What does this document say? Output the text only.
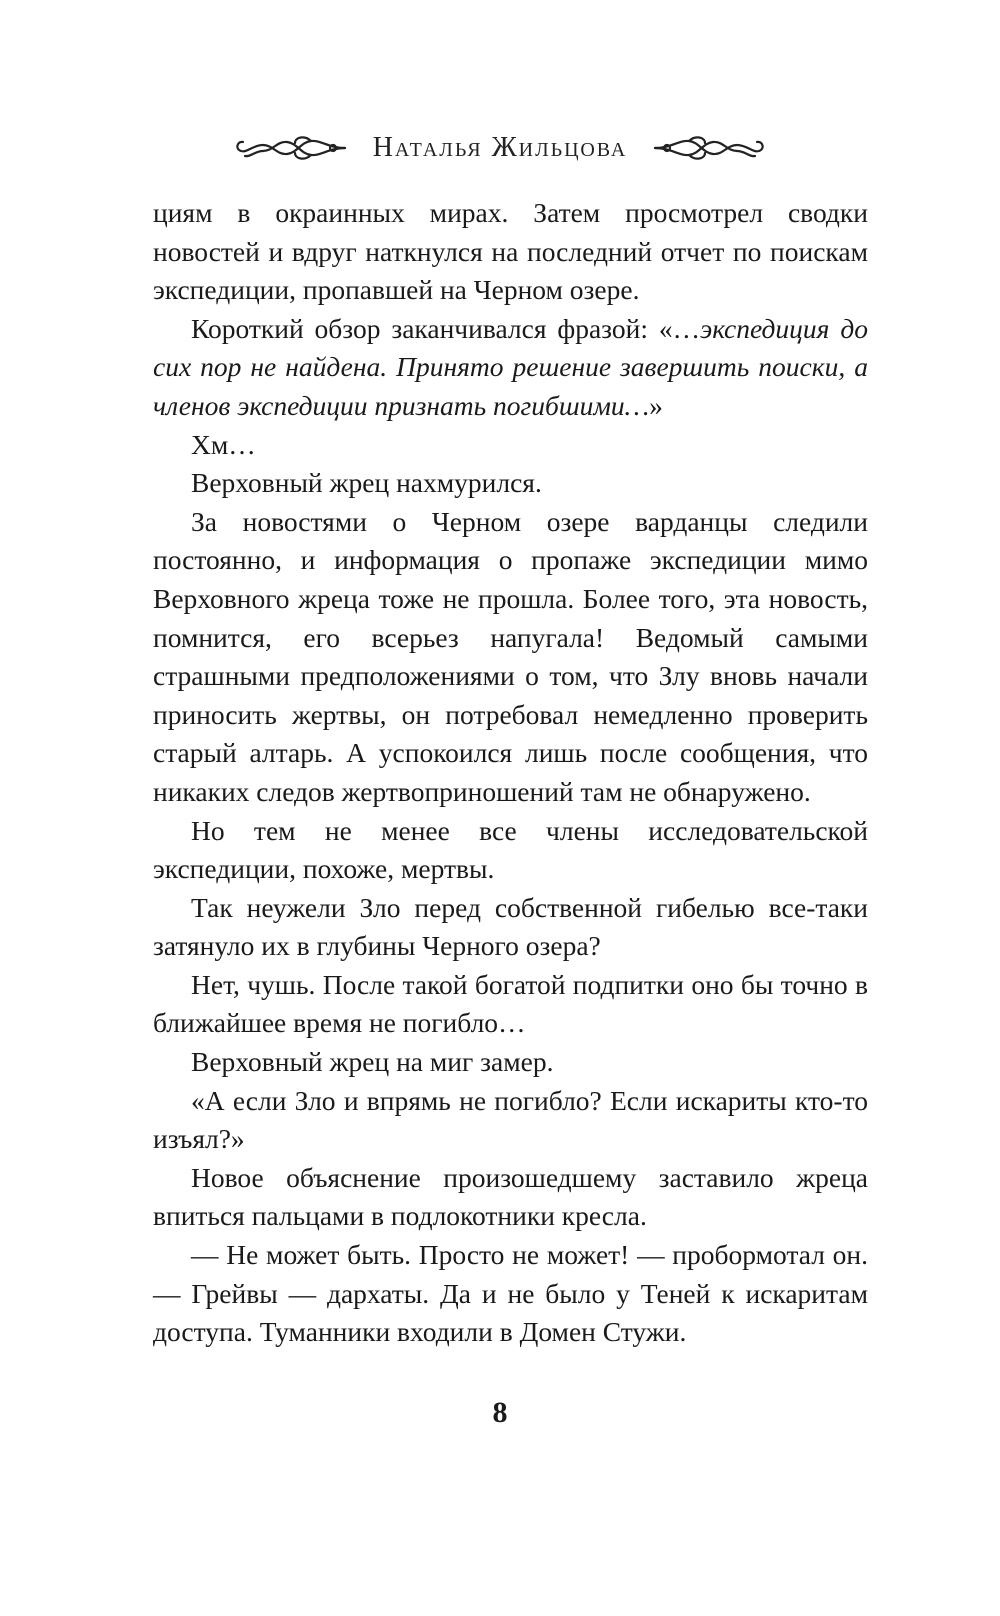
Наталья Жильцова

циям в окраинных мирах. Затем просмотрел сводки новостей и вдруг наткнулся на последний отчет по поискам экспедиции, пропавшей на Черном озере.

Короткий обзор заканчивался фразой: «…экспедиция до сих пор не найдена. Принято решение завершить поиски, а членов экспедиции признать погибшими…»

Хм…

Верховный жрец нахмурился.

За новостями о Черном озере варданцы следили постоянно, и информация о пропаже экспедиции мимо Верховного жреца тоже не прошла. Более того, эта новость, помнится, его всерьез напугала! Ведомый самыми страшными предположениями о том, что Злу вновь начали приносить жертвы, он потребовал немедленно проверить старый алтарь. А успокоился лишь после сообщения, что никаких следов жертвоприношений там не обнаружено.

Но тем не менее все члены исследовательской экспедиции, похоже, мертвы.

Так неужели Зло перед собственной гибелью все-таки затянуло их в глубины Черного озера?

Нет, чушь. После такой богатой подпитки оно бы точно в ближайшее время не погибло…

Верховный жрец на миг замер.

«А если Зло и впрямь не погибло? Если искариты кто-то изъял?»

Новое объяснение произошедшему заставило жреца впиться пальцами в подлокотники кресла.

— Не может быть. Просто не может! — пробормотал он. — Грейвы — дархаты. Да и не было у Теней к искаритам доступа. Туманники входили в Домен Стужи.

8
